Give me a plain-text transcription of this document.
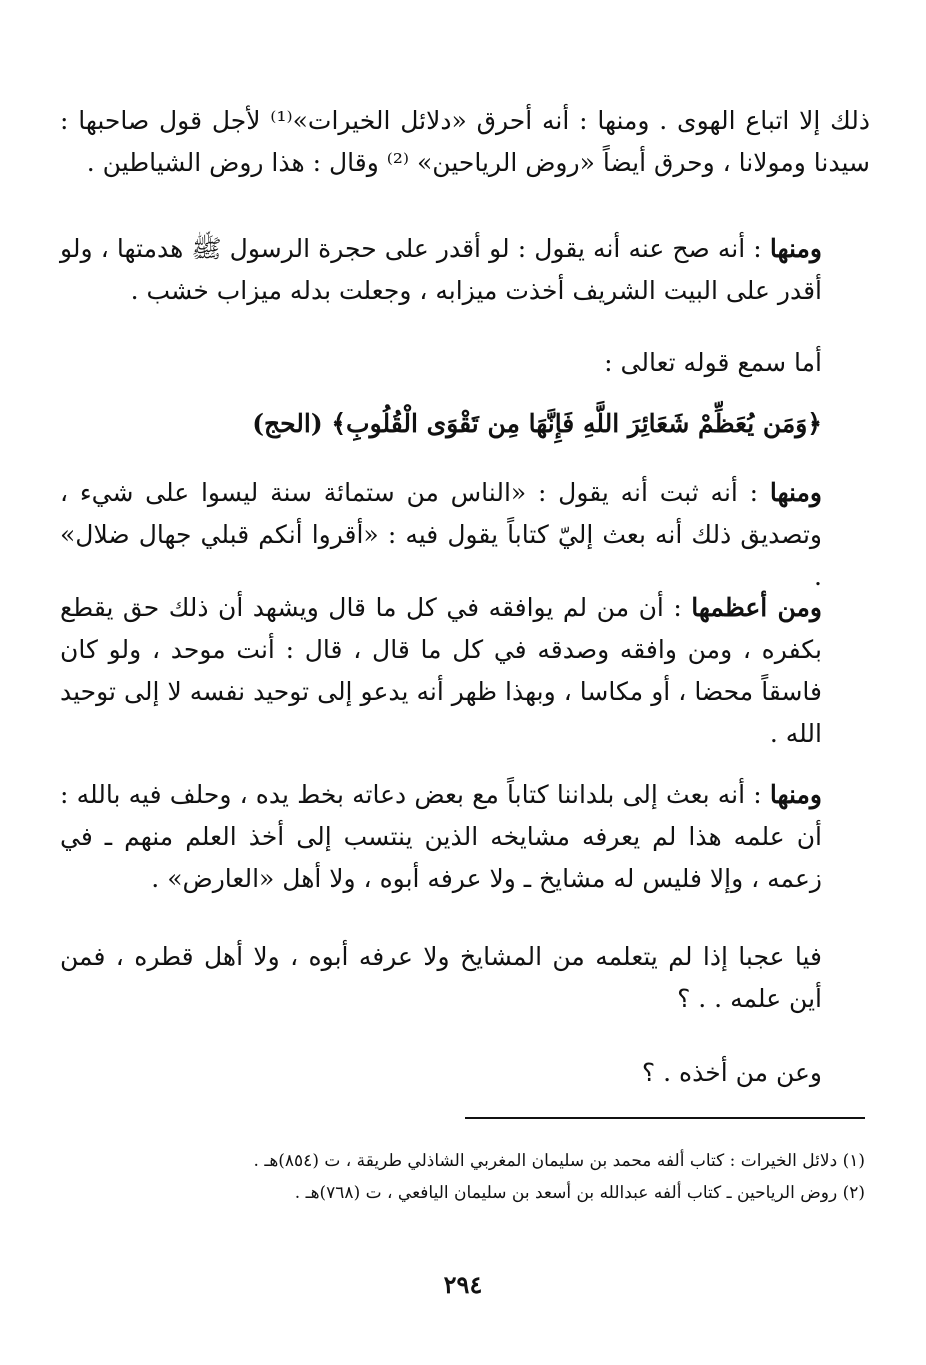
ذلك إلا اتباع الهوى . ومنها : أنه أحرق «دلائل الخيرات»⁽¹⁾ لأجل قول صاحبها : سيدنا ومولانا ، وحرق أيضاً «روض الرياحين» ⁽²⁾ وقال : هذا روض الشياطين .

ومنها : أنه صح عنه أنه يقول : لو أقدر على حجرة الرسول ﷺ هدمتها ، ولو أقدر على البيت الشريف أخذت ميزابه ، وجعلت بدله ميزاب خشب .

أما سمع قوله تعالى :

﴿وَمَن يُعَظِّمْ شَعَائِرَ اللَّهِ فَإِنَّهَا مِن تَقْوَى الْقُلُوبِ﴾ (الحج)

ومنها : أنه ثبت أنه يقول : «الناس من ستمائة سنة ليسوا على شيء ، وتصديق ذلك أنه بعث إليّ كتاباً يقول فيه : «أقروا أنكم قبلي جهال ضلال» .

ومن أعظمها : أن من لم يوافقه في كل ما قال ويشهد أن ذلك حق يقطع بكفره ، ومن وافقه وصدقه في كل ما قال ، قال : أنت موحد ، ولو كان فاسقاً محضا ، أو مكاسا ، وبهذا ظهر أنه يدعو إلى توحيد نفسه لا إلى توحيد الله .

ومنها : أنه بعث إلى بلداننا كتاباً مع بعض دعاته بخط يده ، وحلف فيه بالله : أن علمه هذا لم يعرفه مشايخه الذين ينتسب إلى أخذ العلم منهم ـ في زعمه ، وإلا فليس له مشايخ ـ ولا عرفه أبوه ، ولا أهل «العارض» .

فيا عجبا إذا لم يتعلمه من المشايخ ولا عرفه أبوه ، ولا أهل قطره ، فمن أين علمه . . ؟

وعن من أخذه . ؟

(١) دلائل الخيرات : كتاب ألفه محمد بن سليمان المغربي الشاذلي طريقة ، ت (٨٥٤)هـ .

(٢) روض الرياحين ـ كتاب ألفه عبدالله بن أسعد بن سليمان اليافعي ، ت (٧٦٨)هـ .

٢٩٤
